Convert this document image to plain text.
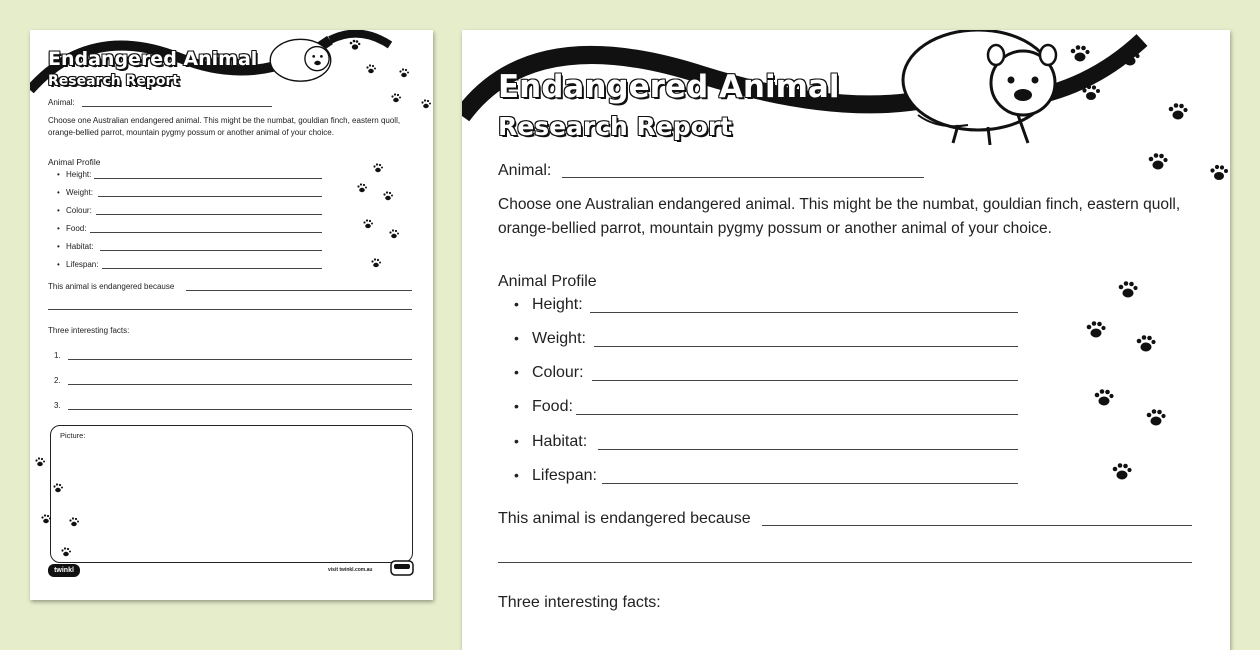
Endangered Animal
Research Report
Animal:
Choose one Australian endangered animal. This might be the numbat, gouldian finch, eastern quoll, orange-bellied parrot, mountain pygmy possum or another animal of your choice.
Animal Profile
• Height:
• Weight:
• Colour:
• Food:
• Habitat:
• Lifespan:
This animal is endangered because
Three interesting facts:
1.
2.
3.
Picture:
twinkl	visit twinkl.com.au
Endangered Animal
Research Report
Animal:
Choose one Australian endangered animal. This might be the numbat, gouldian finch, eastern quoll, orange-bellied parrot, mountain pygmy possum or another animal of your choice.
Animal Profile
• Height:
• Weight:
• Colour:
• Food:
• Habitat:
• Lifespan:
This animal is endangered because
Three interesting facts:
